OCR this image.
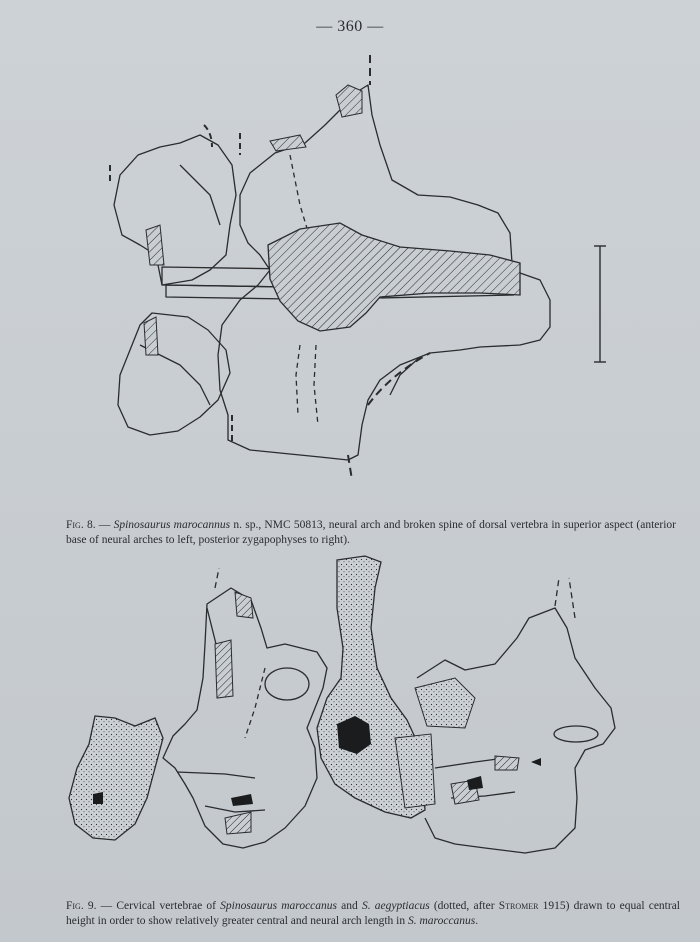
— 360 —

Fig. 8. — Spinosaurus marocannus n. sp., NMC 50813, neural arch and broken spine of dorsal vertebra in superior aspect (anterior base of neural arches to left, posterior zygapophyses to right).

Fig. 9. — Cervical vertebrae of Spinosaurus maroccanus and S. aegyptiacus (dotted, after Stromer 1915) drawn to equal central height in order to show relatively greater central and neural arch length in S. maroccanus.
